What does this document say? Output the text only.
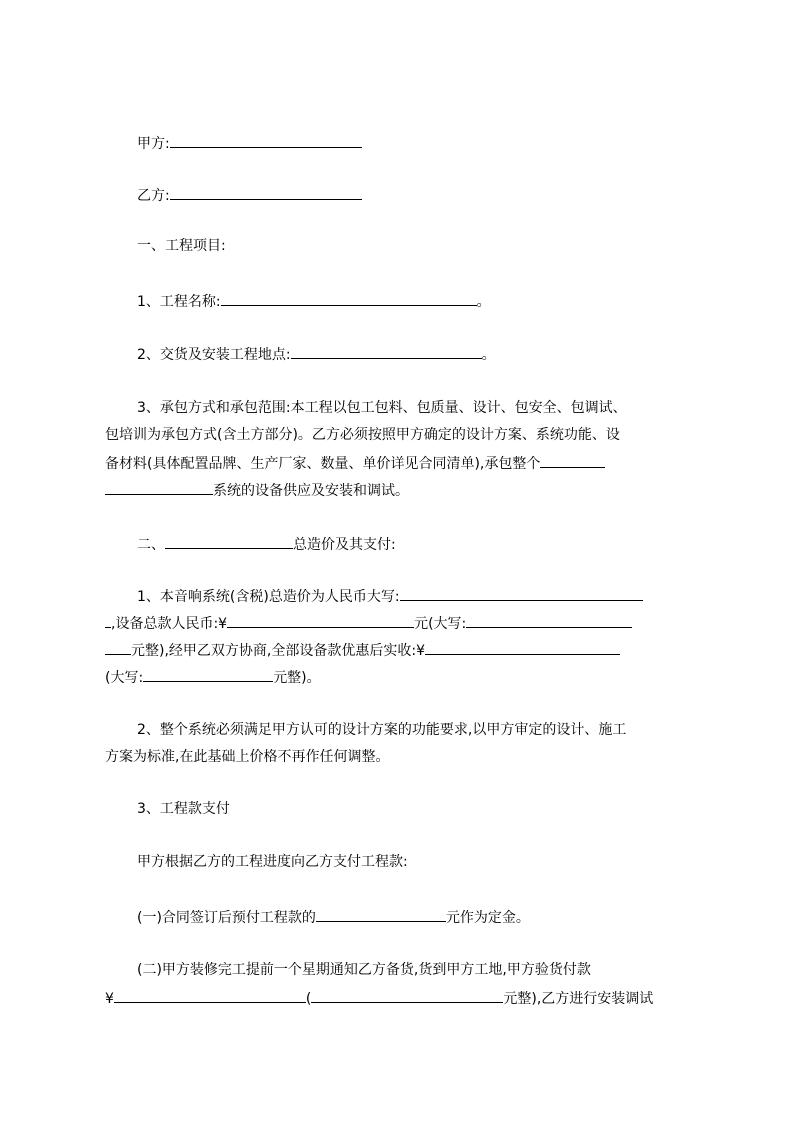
甲方:
乙方:
一、工程项目:
1、工程名称:	。
2、交货及安装工程地点:	。
3、承包方式和承包范围:本工程以包工包料、包质量、设计、包安全、包调试、
包培训为承包方式(含土方部分)。乙方必须按照甲方确定的设计方案、系统功能、设
备材料(具体配置品牌、生产厂家、数量、单价详见合同清单),承包整个
系统的设备供应及安装和调试。
二、	总造价及其支付:
1、本音响系统(含税)总造价为人民币大写:
,设备总款人民币:¥	元(大写:
元整),经甲乙双方协商,全部设备款优惠后实收:¥
(大写:	元整)。
2、整个系统必须满足甲方认可的设计方案的功能要求,以甲方审定的设计、施工
方案为标准,在此基础上价格不再作任何调整。
3、工程款支付
甲方根据乙方的工程进度向乙方支付工程款:
(一)合同签订后预付工程款的	元作为定金。
(二)甲方装修完工提前一个星期通知乙方备货,货到甲方工地,甲方验货付款
¥	(	元整),乙方进行安装调试
